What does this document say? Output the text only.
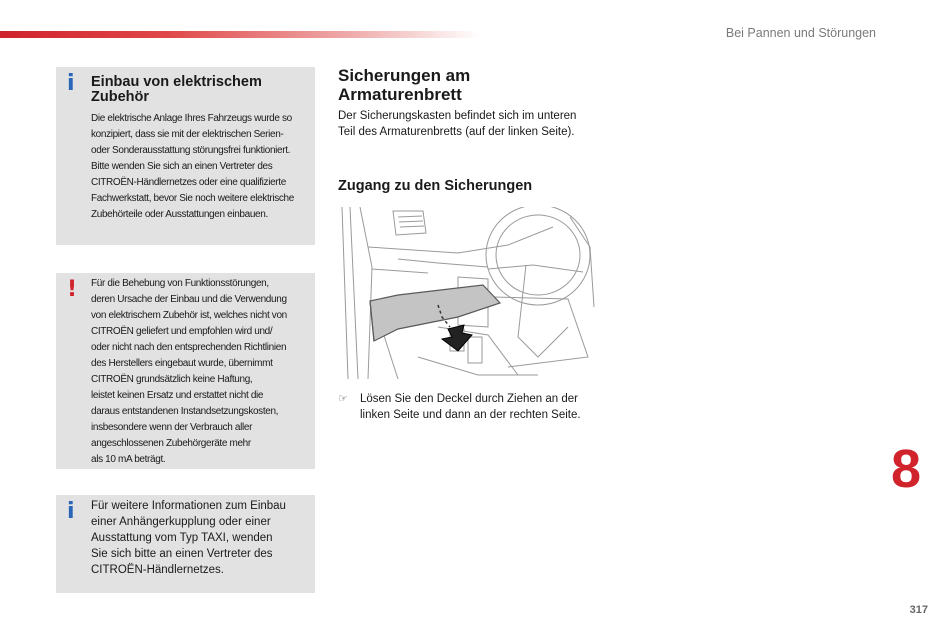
Bei Pannen und Störungen
i Einbau von elektrischem Zubehör
Die elektrische Anlage Ihres Fahrzeugs wurde so
konzipiert, dass sie mit der elektrischen Serien-
oder Sonderausstattung störungsfrei funktioniert.
Bitte wenden Sie sich an einen Vertreter des
CITROËN-Händlernetzes oder eine qualifizierte
Fachwerkstatt, bevor Sie noch weitere elektrische
Zubehörteile oder Ausstattungen einbauen.
! Für die Behebung von Funktionsstörungen,
deren Ursache der Einbau und die Verwendung
von elektrischem Zubehör ist, welches nicht von
CITROËN geliefert und empfohlen wird und/
oder nicht nach den entsprechenden Richtlinien
des Herstellers eingebaut wurde, übernimmt
CITROËN grundsätzlich keine Haftung,
leistet keinen Ersatz und erstattet nicht die
daraus entstandenen Instandsetzungskosten,
insbesondere wenn der Verbrauch aller
angeschlossenen Zubehörgeräte mehr
als 10 mA beträgt.
i Für weitere Informationen zum Einbau
einer Anhängerkupplung oder einer
Ausstattung vom Typ TAXI, wenden
Sie sich bitte an einen Vertreter des
CITROËN-Händlernetzes.
Sicherungen am
Armaturenbrett
Der Sicherungskasten befindet sich im unteren
Teil des Armaturenbretts (auf der linken Seite).
Zugang zu den Sicherungen
☞ Lösen Sie den Deckel durch Ziehen an der
linken Seite und dann an der rechten Seite.
8
317
